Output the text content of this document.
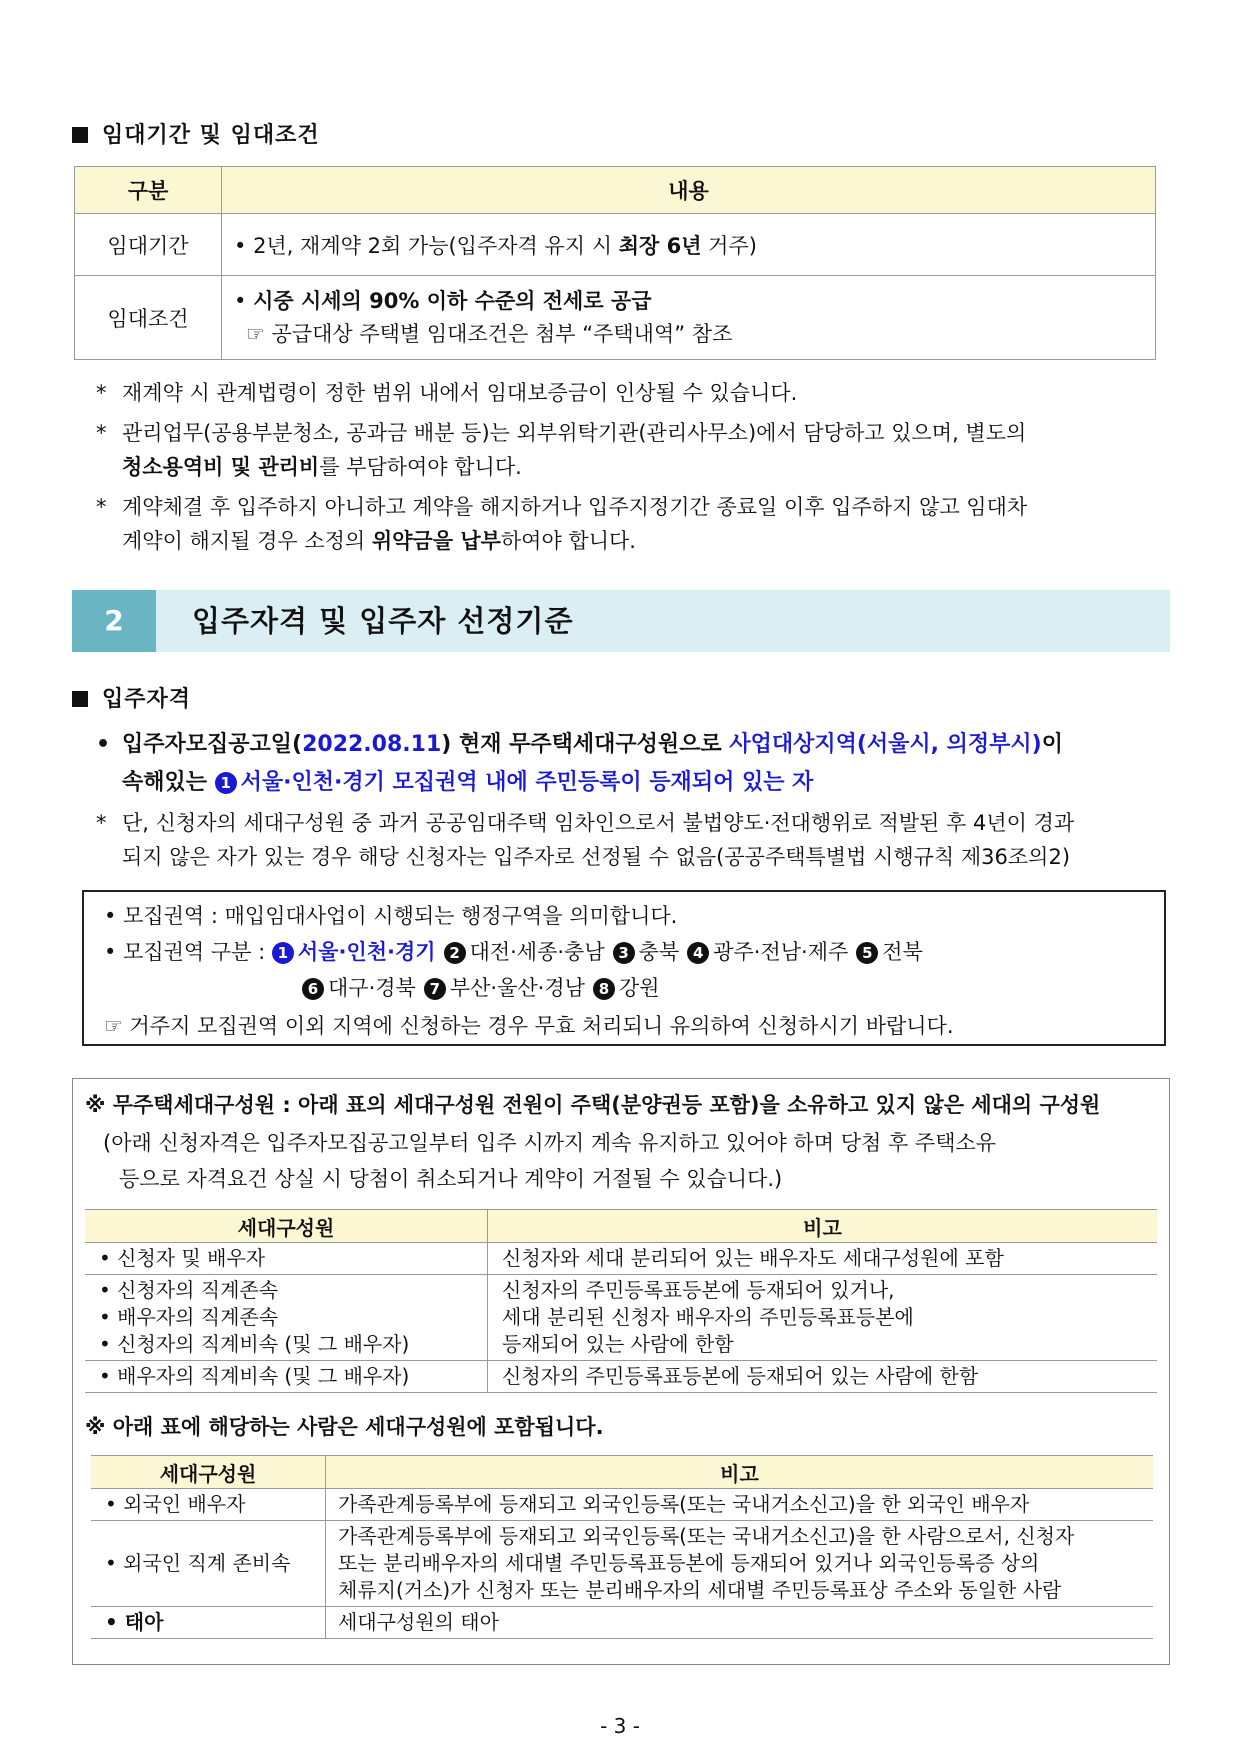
임대기간 및 임대조건
구분	내용
임대기간	• 2년, 재계약 2회 가능(입주자격 유지 시 최장 6년 거주)
임대조건	• 시중 시세의 90% 이하 수준의 전세로 공급
☞ 공급대상 주택별 임대조건은 첨부 “주택내역” 참조
* 재계약 시 관계법령이 정한 범위 내에서 임대보증금이 인상될 수 있습니다.
* 관리업무(공용부분청소, 공과금 배분 등)는 외부위탁기관(관리사무소)에서 담당하고 있으며, 별도의
청소용역비 및 관리비를 부담하여야 합니다.
* 계약체결 후 입주하지 아니하고 계약을 해지하거나 입주지정기간 종료일 이후 입주하지 않고 임대차
계약이 해지될 경우 소정의 위약금을 납부하여야 합니다.
2	입주자격 및 입주자 선정기준
입주자격
• 입주자모집공고일(2022.08.11) 현재 무주택세대구성원으로 사업대상지역(서울시, 의정부시)이
속해있는 1 서울·인천·경기 모집권역 내에 주민등록이 등재되어 있는 자
* 단, 신청자의 세대구성원 중 과거 공공임대주택 임차인으로서 불법양도·전대행위로 적발된 후 4년이 경과
되지 않은 자가 있는 경우 해당 신청자는 입주자로 선정될 수 없음(공공주택특별법 시행규칙 제36조의2)
• 모집권역 : 매입임대사업이 시행되는 행정구역을 의미합니다.
• 모집권역 구분 : 1 서울·인천·경기 2 대전·세종·충남 3 충북 4 광주·전남·제주 5 전북
6 대구·경북 7 부산·울산·경남 8 강원
☞ 거주지 모집권역 이외 지역에 신청하는 경우 무효 처리되니 유의하여 신청하시기 바랍니다.
※ 무주택세대구성원 : 아래 표의 세대구성원 전원이 주택(분양권등 포함)을 소유하고 있지 않은 세대의 구성원
(아래 신청자격은 입주자모집공고일부터 입주 시까지 계속 유지하고 있어야 하며 당첨 후 주택소유
등으로 자격요건 상실 시 당첨이 취소되거나 계약이 거절될 수 있습니다.)
세대구성원	비고
• 신청자 및 배우자	신청자와 세대 분리되어 있는 배우자도 세대구성원에 포함
• 신청자의 직계존속
• 배우자의 직계존속
• 신청자의 직계비속 (및 그 배우자)	신청자의 주민등록표등본에 등재되어 있거나,
세대 분리된 신청자 배우자의 주민등록표등본에
등재되어 있는 사람에 한함
• 배우자의 직계비속 (및 그 배우자)	신청자의 주민등록표등본에 등재되어 있는 사람에 한함
※ 아래 표에 해당하는 사람은 세대구성원에 포함됩니다.
세대구성원	비고
• 외국인 배우자	가족관계등록부에 등재되고 외국인등록(또는 국내거소신고)을 한 외국인 배우자
• 외국인 직계 존비속	가족관계등록부에 등재되고 외국인등록(또는 국내거소신고)을 한 사람으로서, 신청자
또는 분리배우자의 세대별 주민등록표등본에 등재되어 있거나 외국인등록증 상의
체류지(거소)가 신청자 또는 분리배우자의 세대별 주민등록표상 주소와 동일한 사람
• 태아	세대구성원의 태아
- 3 -
